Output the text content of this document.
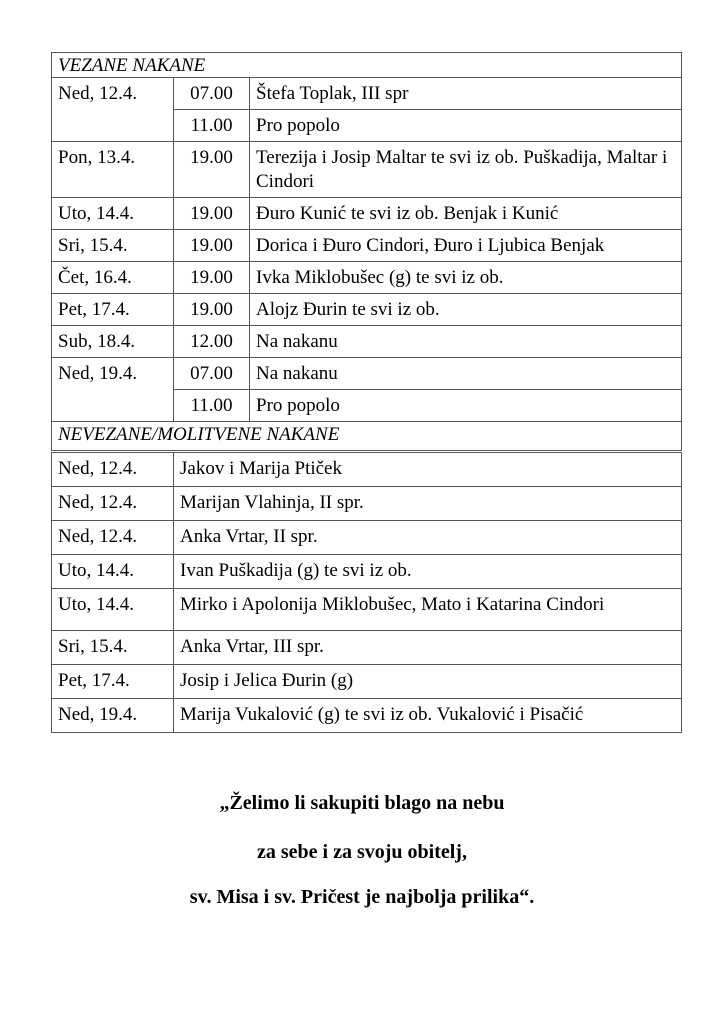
VEZANE NAKANE		
Ned, 12.4.	07.00	Štefa Toplak, III spr
	11.00	Pro popolo
Pon, 13.4.	19.00	Terezija i Josip Maltar te svi iz ob. Puškadija, Maltar i Cindori
Uto, 14.4.	19.00	Đuro Kunić te svi iz ob. Benjak i Kunić
Sri, 15.4.	19.00	Dorica i Đuro Cindori, Đuro i Ljubica Benjak
Čet, 16.4.	19.00	Ivka Miklobušec (g) te svi iz ob.
Pet, 17.4.	19.00	Alojz Đurin te svi iz ob.
Sub, 18.4.	12.00	Na nakanu
Ned, 19.4.	07.00	Na nakanu
	11.00	Pro popolo
NEVEZANE/MOLITVENE NAKANE	
Ned, 12.4.	Jakov i Marija Ptiček
Ned, 12.4.	Marijan Vlahinja, II spr.
Ned, 12.4.	Anka Vrtar, II spr.
Uto, 14.4.	Ivan Puškadija (g) te svi iz ob.
Uto, 14.4.	Mirko i Apolonija Miklobušec, Mato i Katarina Cindori
Sri, 15.4.	Anka Vrtar, III spr.
Pet, 17.4.	Josip i Jelica Đurin (g)
Ned, 19.4.	Marija Vukalović (g) te svi iz ob. Vukalović i Pisačić
„Želimo li sakupiti blago na nebu
za sebe i za svoju obitelj,
sv. Misa i sv. Pričest je najbolja prilika“.
